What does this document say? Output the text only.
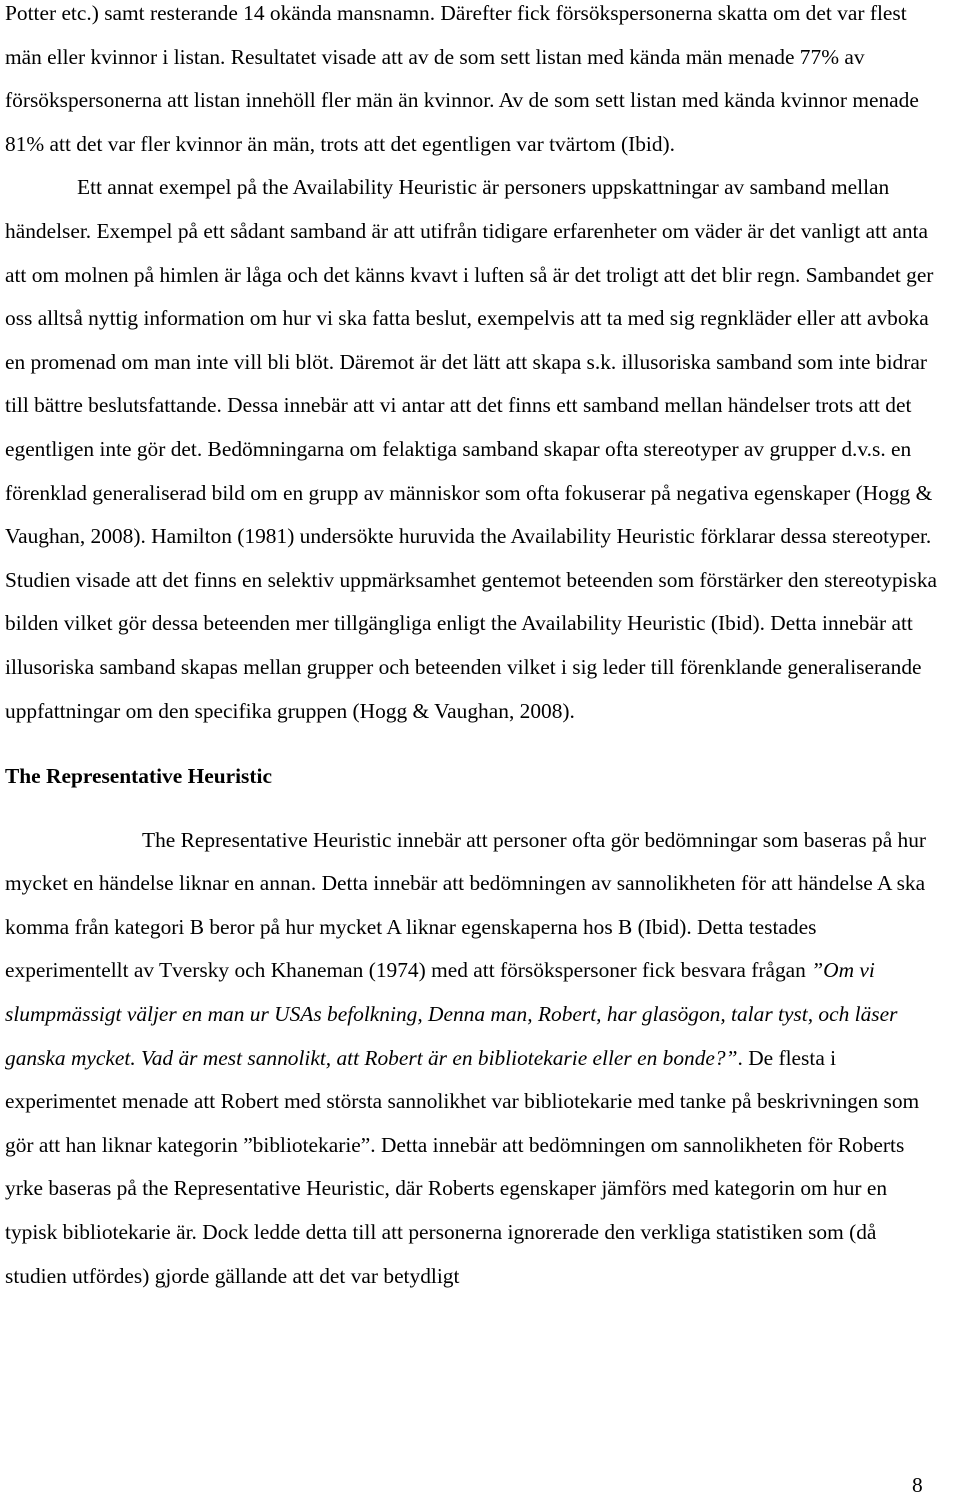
Potter etc.) samt resterande 14 okända mansnamn. Därefter fick försökspersonerna skatta om det var flest män eller kvinnor i listan. Resultatet visade att av de som sett listan med kända män menade 77% av försökspersonerna att listan innehöll fler män än kvinnor. Av de som sett listan med kända kvinnor menade 81% att det var fler kvinnor än män, trots att det egentligen var tvärtom (Ibid).

Ett annat exempel på the Availability Heuristic är personers uppskattningar av samband mellan händelser. Exempel på ett sådant samband är att utifrån tidigare erfarenheter om väder är det vanligt att anta att om molnen på himlen är låga och det känns kvavt i luften så är det troligt att det blir regn. Sambandet ger oss alltså nyttig information om hur vi ska fatta beslut, exempelvis att ta med sig regnkläder eller att avboka en promenad om man inte vill bli blöt. Däremot är det lätt att skapa s.k. illusoriska samband som inte bidrar till bättre beslutsfattande. Dessa innebär att vi antar att det finns ett samband mellan händelser trots att det egentligen inte gör det. Bedömningarna om felaktiga samband skapar ofta stereotyper av grupper d.v.s. en förenklad generaliserad bild om en grupp av människor som ofta fokuserar på negativa egenskaper (Hogg & Vaughan, 2008). Hamilton (1981) undersökte huruvida the Availability Heuristic förklarar dessa stereotyper. Studien visade att det finns en selektiv uppmärksamhet gentemot beteenden som förstärker den stereotypiska bilden vilket gör dessa beteenden mer tillgängliga enligt the Availability Heuristic (Ibid). Detta innebär att illusoriska samband skapas mellan grupper och beteenden vilket i sig leder till förenklande generaliserande uppfattningar om den specifika gruppen (Hogg & Vaughan, 2008).

The Representative Heuristic

The Representative Heuristic innebär att personer ofta gör bedömningar som baseras på hur mycket en händelse liknar en annan. Detta innebär att bedömningen av sannolikheten för att händelse A ska komma från kategori B beror på hur mycket A liknar egenskaperna hos B (Ibid). Detta testades experimentellt av Tversky och Khaneman (1974) med att försökspersoner fick besvara frågan ”Om vi slumpmässigt väljer en man ur USAs befolkning, Denna man, Robert, har glasögon, talar tyst, och läser ganska mycket. Vad är mest sannolikt, att Robert är en bibliotekarie eller en bonde?”. De flesta i experimentet menade att Robert med största sannolikhet var bibliotekarie med tanke på beskrivningen som gör att han liknar kategorin ”bibliotekarie”. Detta innebär att bedömningen om sannolikheten för Roberts yrke baseras på the Representative Heuristic, där Roberts egenskaper jämförs med kategorin om hur en typisk bibliotekarie är. Dock ledde detta till att personerna ignorerade den verkliga statistiken som (då studien utfördes) gjorde gällande att det var betydligt

8
